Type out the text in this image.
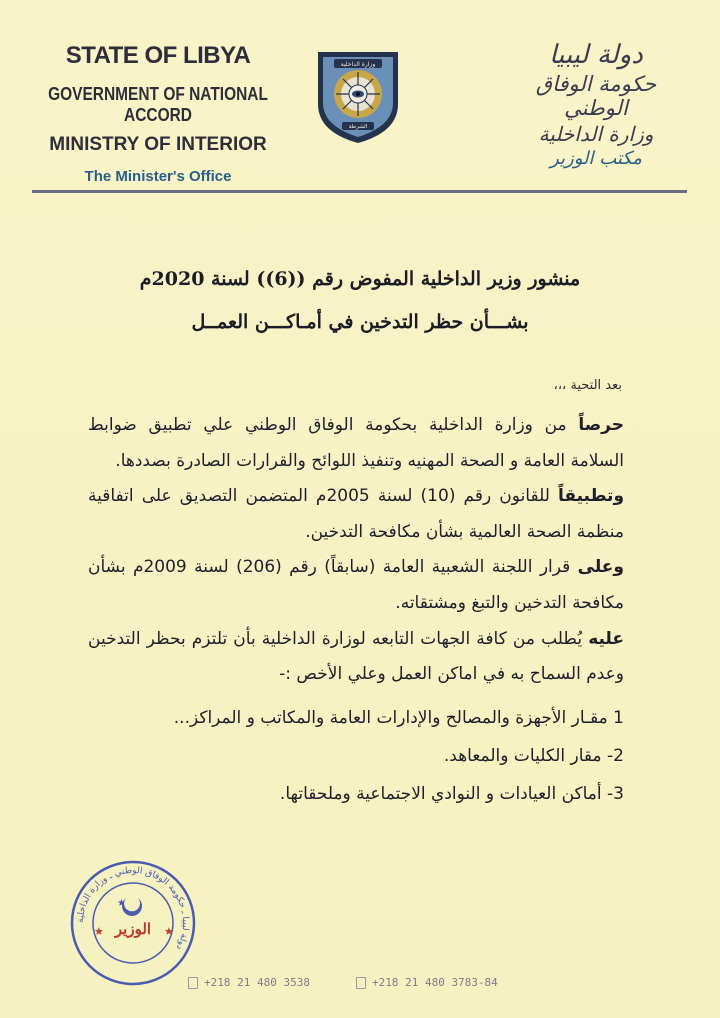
STATE OF LIBYA
GOVERNMENT OF NATIONAL ACCORD
MINISTRY OF INTERIOR
The Minister's Office
وزارة الداخلية
الشرطة
دولة ليبيا
حكومة الوفاق الوطني
وزارة الداخلية
مكتب الوزير
منشور وزير الداخلية المفوض رقم ((6)) لسنة 2020م
بشـــأن حظر التدخين في أمـاكـــن العمــل
بعد التحية ،،،

حرصاً من وزارة الداخلية بحكومة الوفاق الوطني علي تطبيق ضوابط السلامة العامة و الصحة المهنيه وتنفيذ اللوائح والقرارات الصادرة بصددها.

وتطبيقاً للقانون رقم (10) لسنة 2005م المتضمن التصديق على اتفاقية منظمة الصحة العالمية بشأن مكافحة التدخين.

وعلى قرار اللجنة الشعبية العامة (سابقاً) رقم (206) لسنة 2009م بشأن مكافحة التدخين والتبغ ومشتقاته.

عليه يُطلب من كافة الجهات التابعه لوزارة الداخلية بأن تلتزم بحظر التدخين وعدم السماح به في اماكن العمل وعلي الأخص :-

1 مقـار الأجهزة والمصالح والإدارات العامة والمكاتب و المراكز...
2- مقار الكليات والمعاهد.
3- أماكن العيادات و النوادي الاجتماعية وملحقاتها.
دولة ليبيا ـ حكومة الوفاق الوطني ـ وزارة الداخلية
★
الوزير
★	★
+218 21 480 3538	+218 21 480 3783-84
